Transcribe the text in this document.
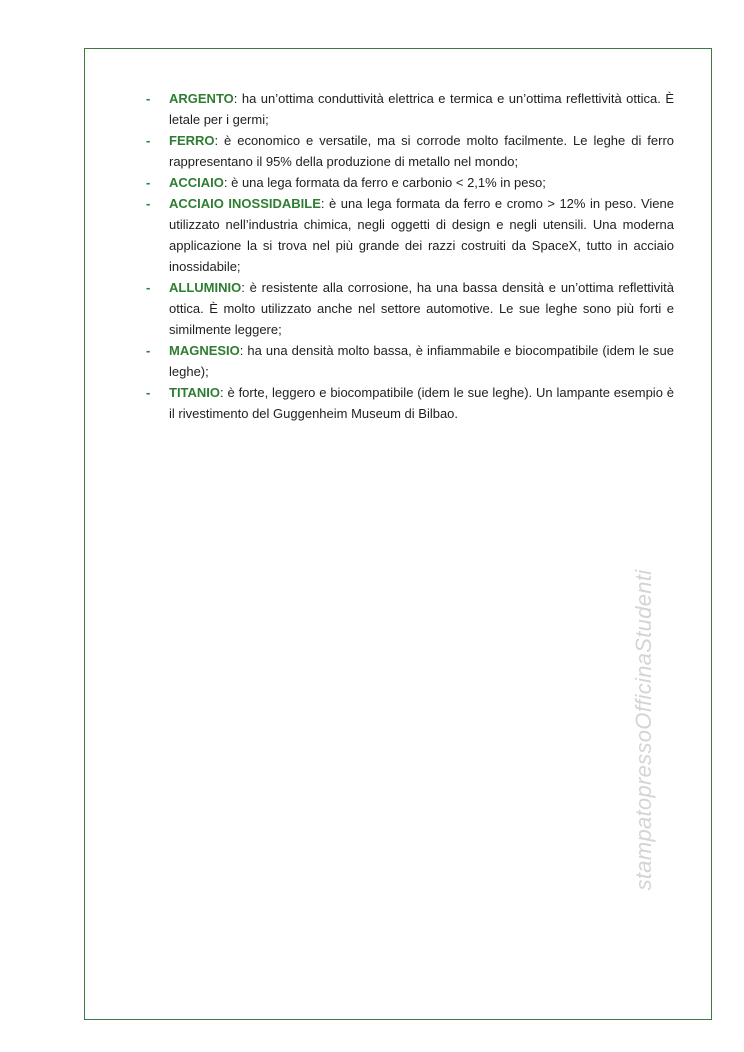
- ARGENTO: ha un’ottima conduttività elettrica e termica e un’ottima reflettività ottica. È letale per i germi;
- FERRO: è economico e versatile, ma si corrode molto facilmente. Le leghe di ferro rappresentano il 95% della produzione di metallo nel mondo;
- ACCIAIO: è una lega formata da ferro e carbonio < 2,1% in peso;
- ACCIAIO INOSSIDABILE: è una lega formata da ferro e cromo > 12% in peso. Viene utilizzato nell’industria chimica, negli oggetti di design e negli utensili. Una moderna applicazione la si trova nel più grande dei razzi costruiti da SpaceX, tutto in acciaio inossidabile;
- ALLUMINIO: è resistente alla corrosione, ha una bassa densità e un’ottima reflettività ottica. È molto utilizzato anche nel settore automotive. Le sue leghe sono più forti e similmente leggere;
- MAGNESIO: ha una densità molto bassa, è infiammabile e biocompatibile (idem le sue leghe);
- TITANIO: è forte, leggero e biocompatibile (idem le sue leghe). Un lampante esempio è il rivestimento del Guggenheim Museum di Bilbao.
stampatopressoOfficinaStudenti
